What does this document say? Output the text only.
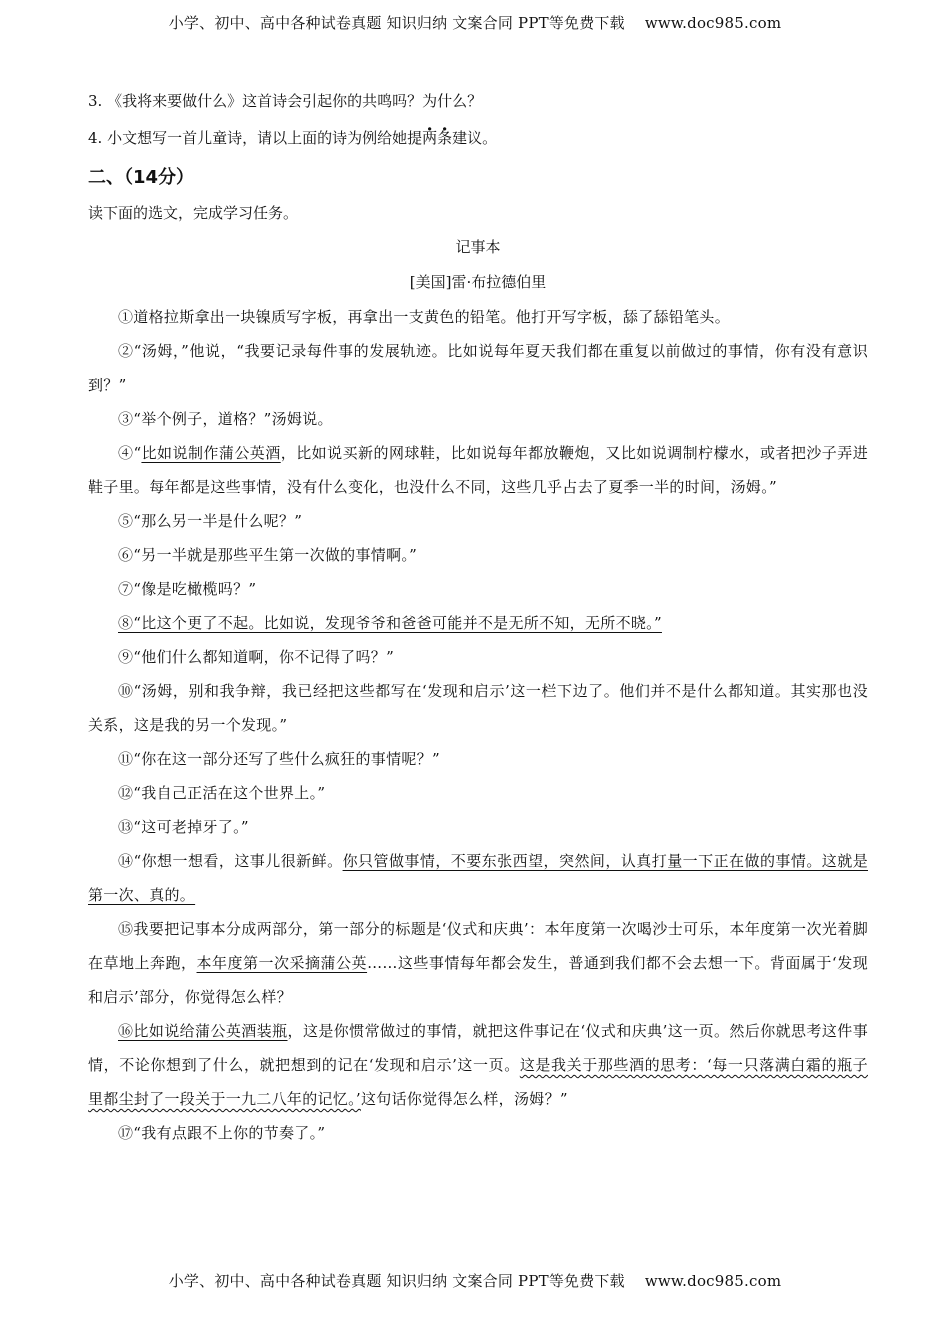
小学、初中、高中各种试卷真题 知识归纳 文案合同 PPT等免费下载 www.doc985.com

3. 《我将来要做什么》这首诗会引起你的共鸣吗？为什么？

4. 小文想写一首儿童诗，请以上面的诗为例给她提两条建议。

二、（14分）
读下面的选文，完成学习任务。
记事本
[美国]雷·布拉德伯里

①道格拉斯拿出一块镍质写字板，再拿出一支黄色的铅笔。他打开写字板，舔了舔铅笔头。

②“汤姆，”他说，“我要记录每件事的发展轨迹。比如说每年夏天我们都在重复以前做过的事情，你有没有意识到？”

③“举个例子，道格？”汤姆说。

④“比如说制作蒲公英酒，比如说买新的网球鞋，比如说每年都放鞭炮，又比如说调制柠檬水，或者把沙子弄进鞋子里。每年都是这些事情，没有什么变化，也没什么不同，这些几乎占去了夏季一半的时间，汤姆。”

⑤“那么另一半是什么呢？”

⑥“另一半就是那些平生第一次做的事情啊。”

⑦“像是吃橄榄吗？”

⑧“比这个更了不起。比如说，发现爷爷和爸爸可能并不是无所不知，无所不晓。”

⑨“他们什么都知道啊，你不记得了吗？”

⑩“汤姆，别和我争辩，我已经把这些都写在‘发现和启示’这一栏下边了。他们并不是什么都知道。其实那也没关系，这是我的另一个发现。”

⑪“你在这一部分还写了些什么疯狂的事情呢？”

⑫“我自己正活在这个世界上。”

⑬“这可老掉牙了。”

⑭“你想一想看，这事儿很新鲜。你只管做事情，不要东张西望，突然间，认真打量一下正在做的事情。这就是第一次、真的。

⑮我要把记事本分成两部分，第一部分的标题是‘仪式和庆典’：本年度第一次喝沙士可乐，本年度第一次光着脚在草地上奔跑，本年度第一次采摘蒲公英……这些事情每年都会发生，普通到我们都不会去想一下。背面属于‘发现和启示’部分，你觉得怎么样？

⑯比如说给蒲公英酒装瓶，这是你惯常做过的事情，就把这件事记在‘仪式和庆典’这一页。然后你就思考这件事情，不论你想到了什么，就把想到的记在‘发现和启示’这一页。这是我关于那些酒的思考：‘每一只落满白霜的瓶子里都尘封了一段关于一九二八年的记忆。’这句话你觉得怎么样，汤姆？”

⑰“我有点跟不上你的节奏了。”

小学、初中、高中各种试卷真题 知识归纳 文案合同 PPT等免费下载 www.doc985.com
